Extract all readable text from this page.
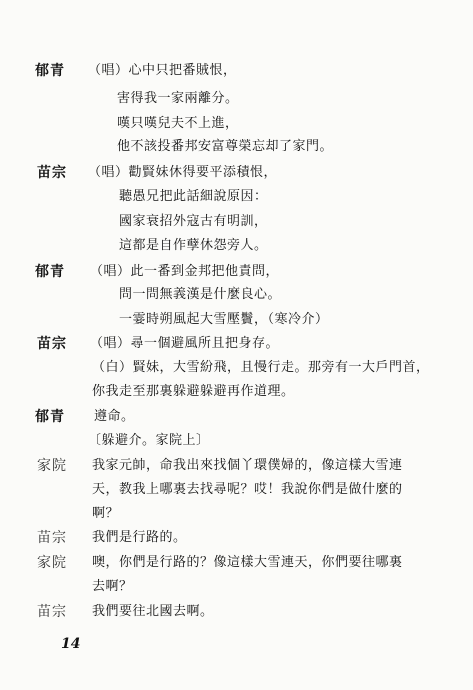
郁青 （唱）心中只把番賊恨，
害得我一家兩離分。
嘆只嘆兒夫不上進，
他不該投番邦安富尊榮忘却了家門。
苗宗 （唱）勸賢妹休得要平添積恨，
聽愚兄把此話細說原因：
國家衰招外寇古有明訓，
這都是自作孽休怨旁人。
郁青 （唱）此一番到金邦把他責問，
問一問無義漢是什麼良心。
一霎時朔風起大雪壓鬢，（寒冷介）
苗宗 （唱）尋一個避風所且把身存。
（白）賢妹，大雪紛飛，且慢行走。那旁有一大戶門首，
你我走至那裏躲避躲避再作道理。
郁青 遵命。
〔躲避介。家院上〕
家院 我家元帥，命我出來找個丫環僕婦的，像這樣大雪連
天，教我上哪裏去找尋呢？哎！我說你們是做什麼的
啊？
苗宗 我們是行路的。
家院 噢，你們是行路的？像這樣大雪連天，你們要往哪裏
去啊？
苗宗 我們要往北國去啊。
14
